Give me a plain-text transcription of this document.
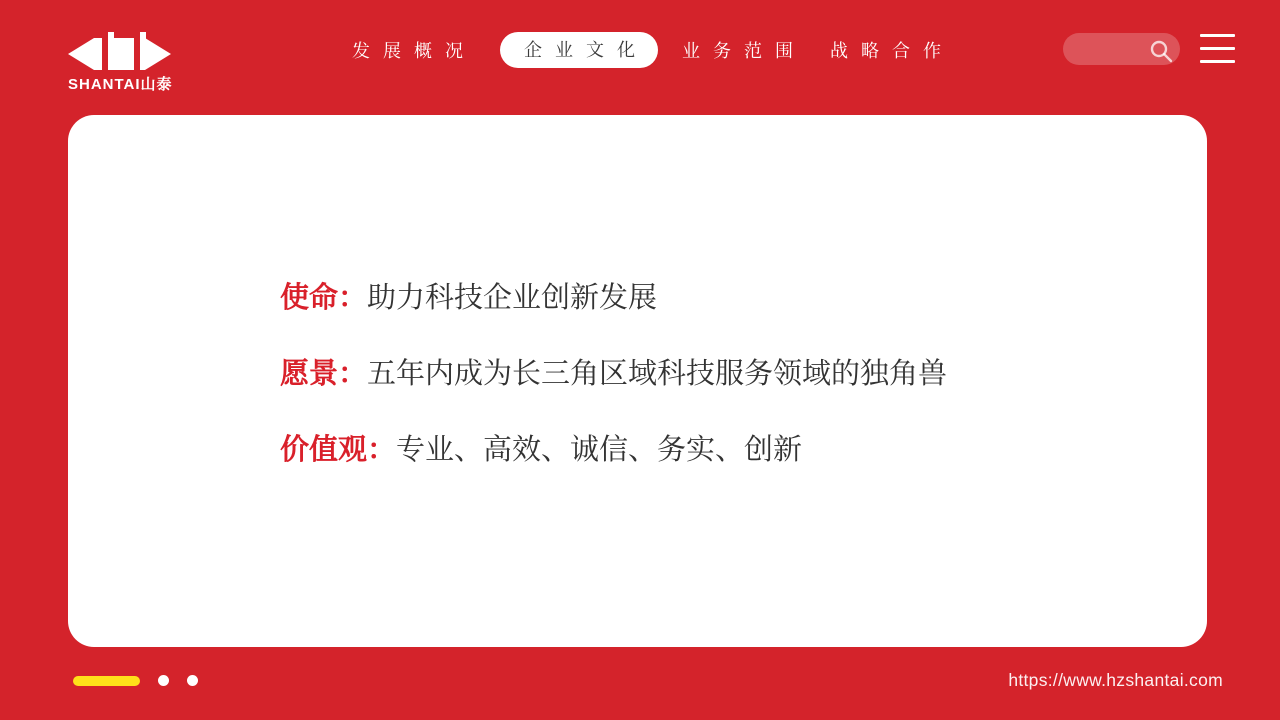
SHANTAI山泰
发展概况	企业文化	业务范围 战略合作

使命：助力科技企业创新发展

愿景：五年内成为长三角区域科技服务领域的独角兽

价值观：专业、高效、诚信、务实、创新

https://www.hzshantai.com
